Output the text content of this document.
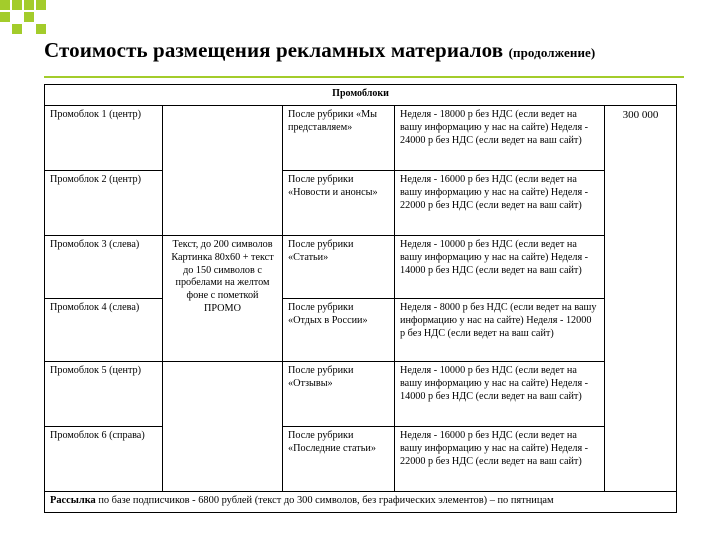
Стоимость размещения рекламных материалов (продолжение)
Промоблоки				
Промоблок 1 (центр)		После рубрики «Мы представляем»	Неделя - 18000 р без НДС (если ведет на вашу информацию у нас на сайте) Неделя - 24000 р без НДС (если ведет на ваш сайт)	300 000
Промоблок 2 (центр)		После рубрики «Новости и анонсы»	Неделя - 16000 р без НДС (если ведет на вашу информацию у нас на сайте) Неделя - 22000 р без НДС (если ведет на ваш сайт)	
Промоблок 3 (слева)	Текст, до 200 символов Картинка 80х60 + текст до 150 символов с пробелами на желтом фоне с пометкой ПРОМО	После рубрики «Статьи»	Неделя - 10000 р без НДС (если ведет на вашу информацию у нас на сайте) Неделя - 14000 р без НДС (если ведет на ваш сайт)	
Промоблок 4 (слева)		После рубрики «Отдых в России»	Неделя - 8000 р без НДС (если ведет на вашу информацию у нас на сайте) Неделя - 12000 р без НДС (если ведет на ваш сайт)	
Промоблок 5 (центр)		После рубрики «Отзывы»	Неделя - 10000 р без НДС (если ведет на вашу информацию у нас на сайте) Неделя - 14000 р без НДС (если ведет на ваш сайт)	
Промоблок 6 (справа)		После рубрики «Последние статьи»	Неделя - 16000 р без НДС (если ведет на вашу информацию у нас на сайте) Неделя - 22000 р без НДС (если ведет на ваш сайт)	
Рассылка по базе подписчиков - 6800 рублей (текст до 300 символов, без графических элементов) – по пятницам				
